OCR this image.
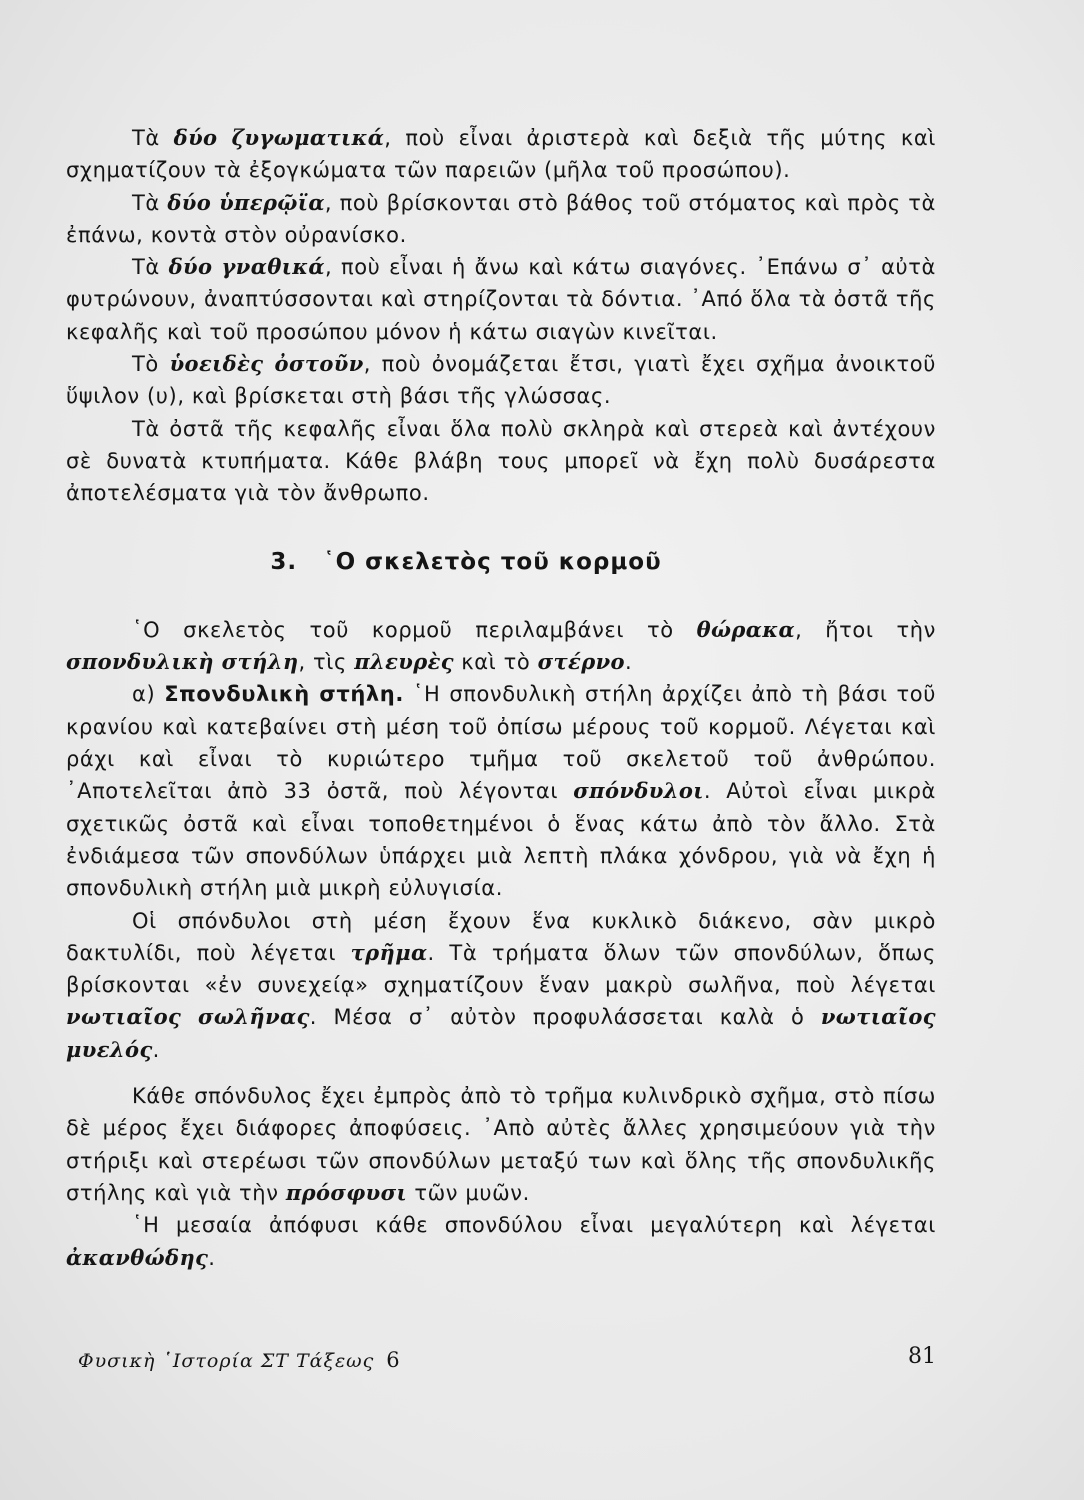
Τὰ δύο ζυγωματικά, ποὺ εἶναι ἀριστερὰ καὶ δεξιὰ τῆς μύτης καὶ σχηματίζουν τὰ ἐξογκώματα τῶν παρειῶν (μῆλα τοῦ προσώπου).

Τὰ δύο ὑπερῷϊα, ποὺ βρίσκονται στὸ βάθος τοῦ στόματος καὶ πρὸς τὰ ἐπάνω, κοντὰ στὸν οὐρανίσκο.

Τὰ δύο γναθικά, ποὺ εἶναι ἡ ἄνω καὶ κάτω σιαγόνες. ᾿Επάνω σ᾿ αὐτὰ φυτρώνουν, ἀναπτύσσονται καὶ στηρίζονται τὰ δόντια. ᾿Από ὅλα τὰ ὀστᾶ τῆς κεφαλῆς καὶ τοῦ προσώπου μόνον ἡ κάτω σιαγὼν κινεῖται.

Τὸ ὑοειδὲς ὀστοῦν, ποὺ ὀνομάζεται ἔτσι, γιατὶ ἔχει σχῆμα ἀνοικτοῦ ὕψιλον (υ), καὶ βρίσκεται στὴ βάσι τῆς γλώσσας.

Τὰ ὀστᾶ τῆς κεφαλῆς εἶναι ὅλα πολὺ σκληρὰ καὶ στερεὰ καὶ ἀντέχουν σὲ δυνατὰ κτυπήματα. Κάθε βλάβη τους μπορεῖ νὰ ἔχη πολὺ δυσάρεστα ἀποτελέσματα γιὰ τὸν ἄνθρωπο.

3. ῾Ο σκελετὸς τοῦ κορμοῦ

῾Ο σκελετὸς τοῦ κορμοῦ περιλαμβάνει τὸ θώρακα, ἤτοι τὴν σπονδυλικὴ στήλη, τὶς πλευρὲς καὶ τὸ στέρνο.

α) Σπονδυλικὴ στήλη. ῾Η σπονδυλικὴ στήλη ἀρχίζει ἀπὸ τὴ βάσι τοῦ κρανίου καὶ κατεβαίνει στὴ μέση τοῦ ὀπίσω μέρους τοῦ κορμοῦ. Λέγεται καὶ ράχι καὶ εἶναι τὸ κυριώτερο τμῆμα τοῦ σκελετοῦ τοῦ ἀνθρώπου. ᾿Αποτελεῖται ἀπὸ 33 ὀστᾶ, ποὺ λέγονται σπόνδυλοι. Αὐτοὶ εἶναι μικρὰ σχετικῶς ὀστᾶ καὶ εἶναι τοποθετημένοι ὁ ἕνας κάτω ἀπὸ τὸν ἄλλο. Στὰ ἐνδιάμεσα τῶν σπονδύλων ὑπάρχει μιὰ λεπτὴ πλάκα χόνδρου, γιὰ νὰ ἔχη ἡ σπονδυλικὴ στήλη μιὰ μικρὴ εὐλυγισία.

Οἱ σπόνδυλοι στὴ μέση ἔχουν ἕνα κυκλικὸ διάκενο, σὰν μικρὸ δακτυλίδι, ποὺ λέγεται τρῆμα. Τὰ τρήματα ὅλων τῶν σπονδύλων, ὅπως βρίσκονται «ἐν συνεχείᾳ» σχηματίζουν ἕναν μακρὺ σωλῆνα, ποὺ λέγεται νωτιαῖος σωλῆνας. Μέσα σ᾿ αὐτὸν προφυλάσσεται καλὰ ὁ νωτιαῖος μυελός.

Κάθε σπόνδυλος ἔχει ἐμπρὸς ἀπὸ τὸ τρῆμα κυλινδρικὸ σχῆμα, στὸ πίσω δὲ μέρος ἔχει διάφορες ἀποφύσεις. ᾿Απὸ αὐτὲς ἄλλες χρησιμεύουν γιὰ τὴν στήριξι καὶ στερέωσι τῶν σπονδύλων μεταξύ των καὶ ὅλης τῆς σπονδυλικῆς στήλης καὶ γιὰ τὴν πρόσφυσι τῶν μυῶν.

῾Η μεσαία ἀπόφυσι κάθε σπονδύλου εἶναι μεγαλύτερη καὶ λέγεται ἀκανθώδης.

Φυσικὴ ῾Ιστορία ΣΤ Τάξεως 6	81
